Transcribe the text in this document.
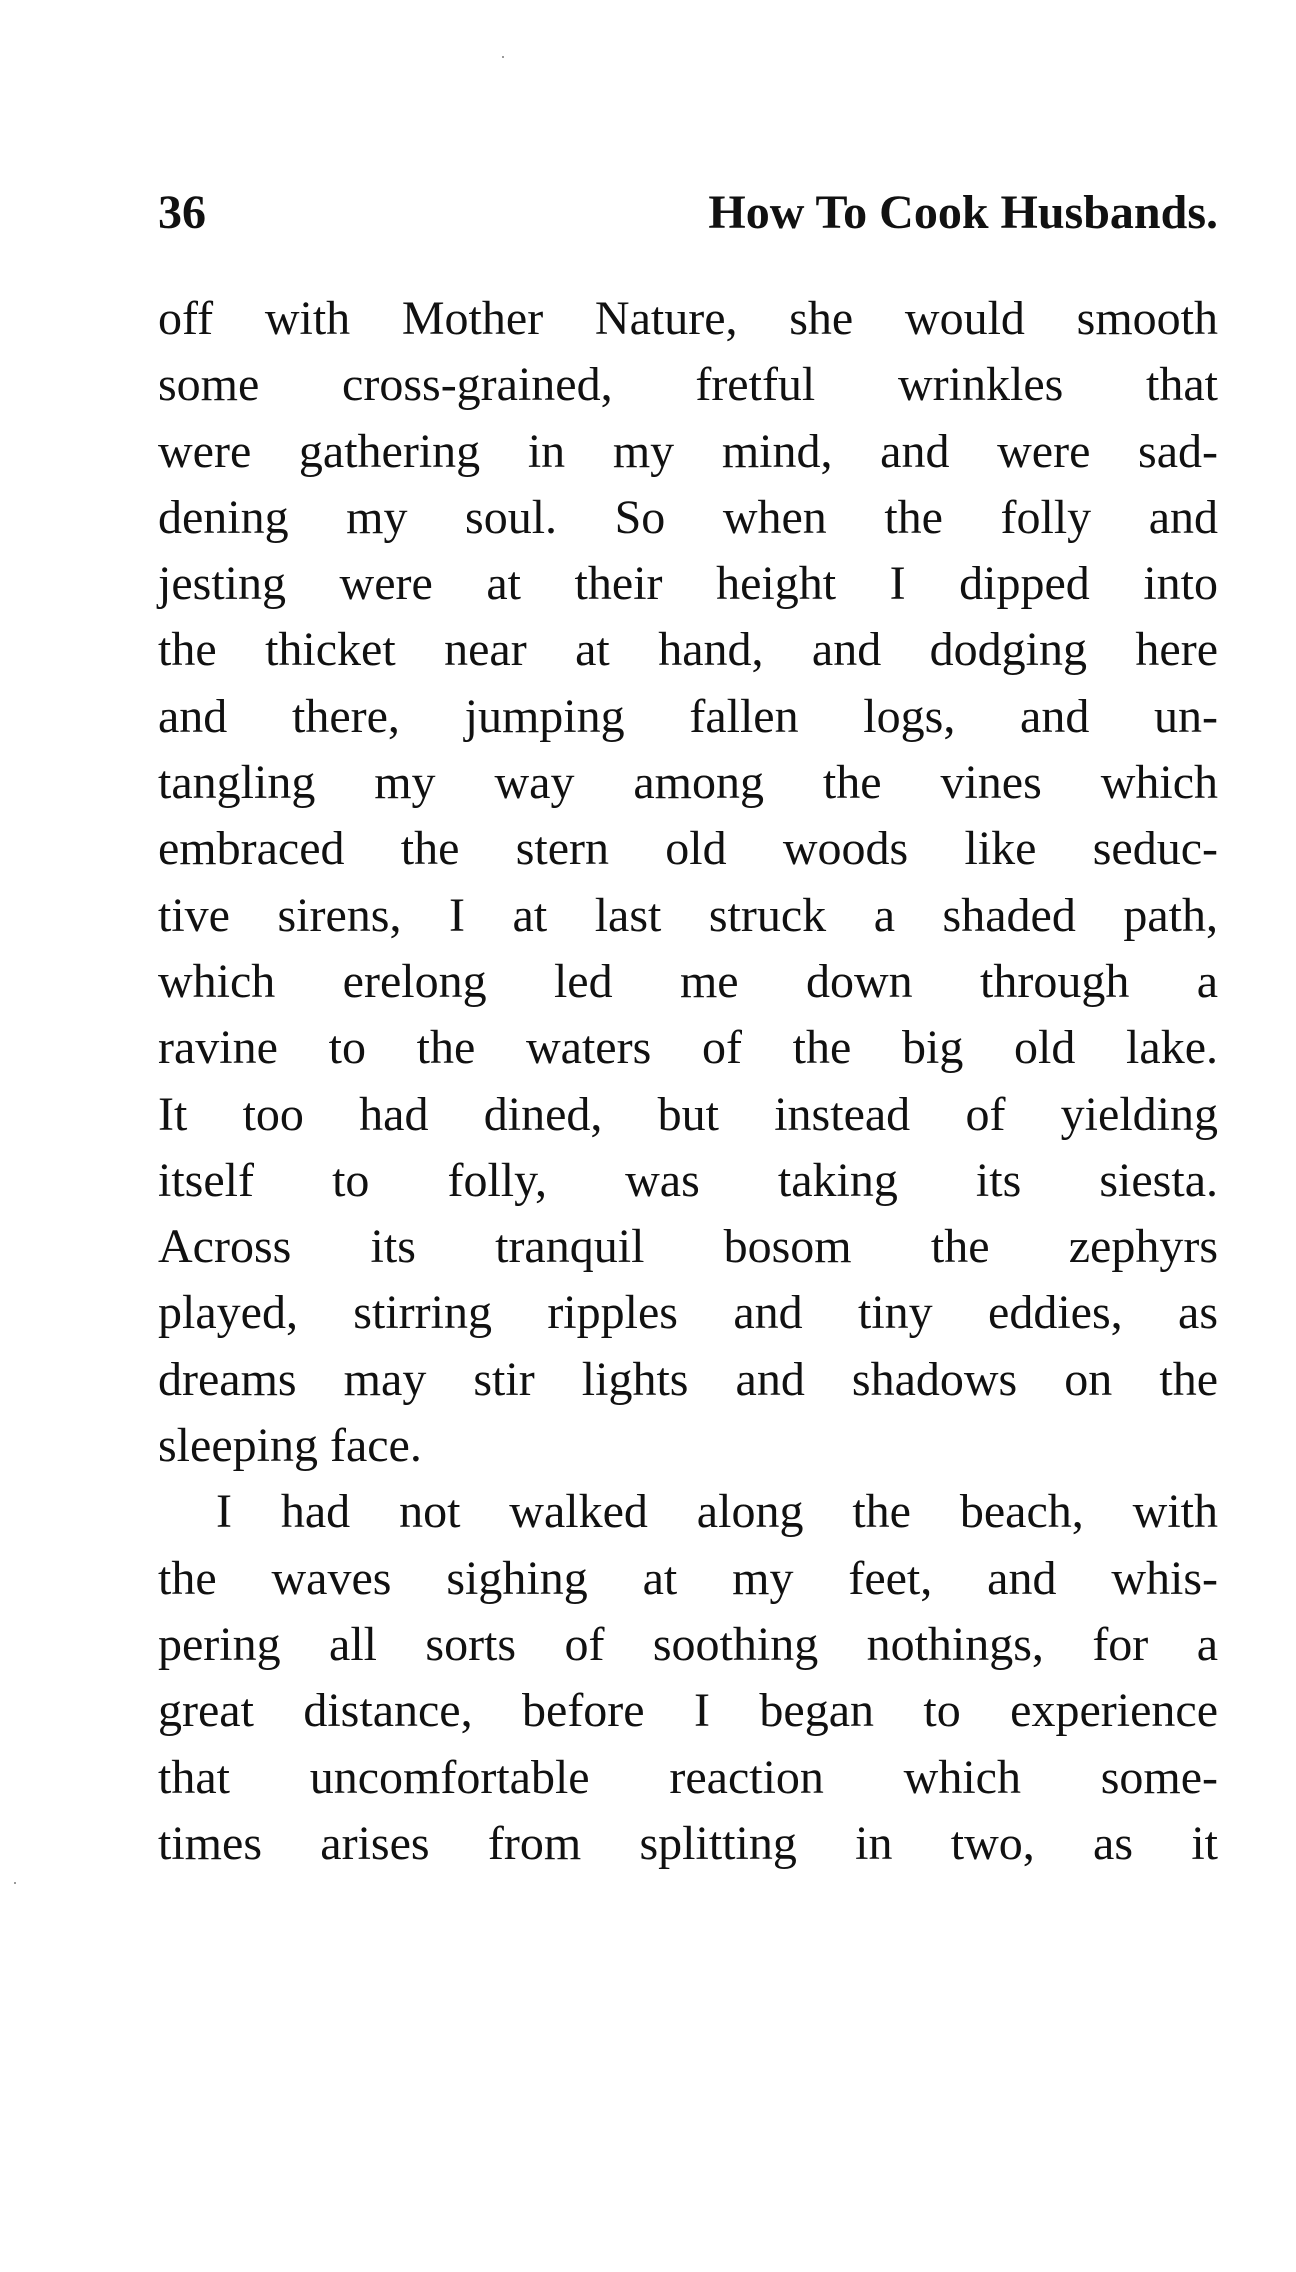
36	How To Cook Husbands.
off with Mother Nature, she would smooth
some cross-grained, fretful wrinkles that
were gathering in my mind, and were sad-
dening my soul. So when the folly and
jesting were at their height I dipped into
the thicket near at hand, and dodging here
and there, jumping fallen logs, and un-
tangling my way among the vines which
embraced the stern old woods like seduc-
tive sirens, I at last struck a shaded path,
which erelong led me down through a
ravine to the waters of the big old lake.
It too had dined, but instead of yielding
itself to folly, was taking its siesta.
Across its tranquil bosom the zephyrs
played, stirring ripples and tiny eddies, as
dreams may stir lights and shadows on the
sleeping face.
I had not walked along the beach, with
the waves sighing at my feet, and whis-
pering all sorts of soothing nothings, for a
great distance, before I began to experience
that uncomfortable reaction which some-
times arises from splitting in two, as it
